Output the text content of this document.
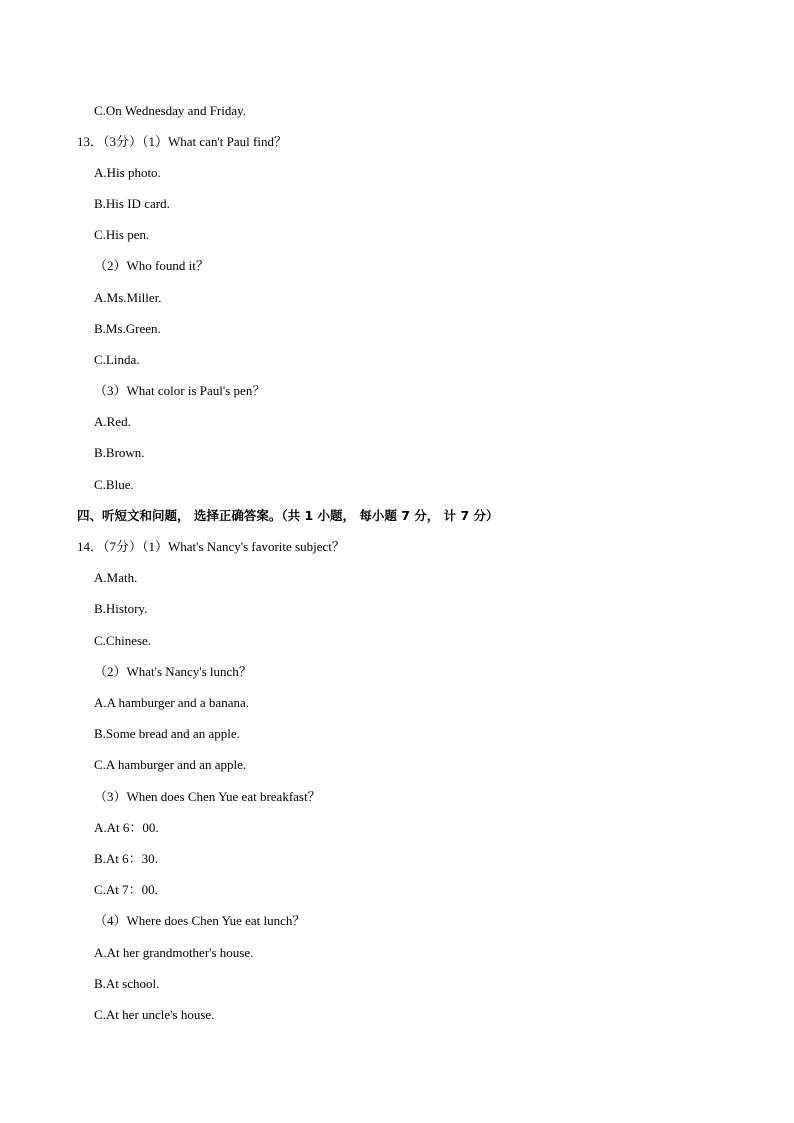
C.On Wednesday and Friday.
13．（3分）（1）What can't Paul find？
A.His photo.
B.His ID card.
C.His pen.
（2）Who found it？
A.Ms.Miller.
B.Ms.Green.
C.Linda.
（3）What color is Paul's pen？
A.Red.
B.Brown.
C.Blue.
四、听短文和问题， 选择正确答案。（共 1 小题， 每小题 7 分， 计 7 分）
14．（7分）（1）What's Nancy's favorite subject？
A.Math.
B.History.
C.Chinese.
（2）What's Nancy's lunch？
A.A hamburger and a banana.
B.Some bread and an apple.
C.A hamburger and an apple.
（3）When does Chen Yue eat breakfast？
A.At 6：00.
B.At 6：30.
C.At 7：00.
（4）Where does Chen Yue eat lunch？
A.At her grandmother's house.
B.At school.
C.At her uncle's house.
